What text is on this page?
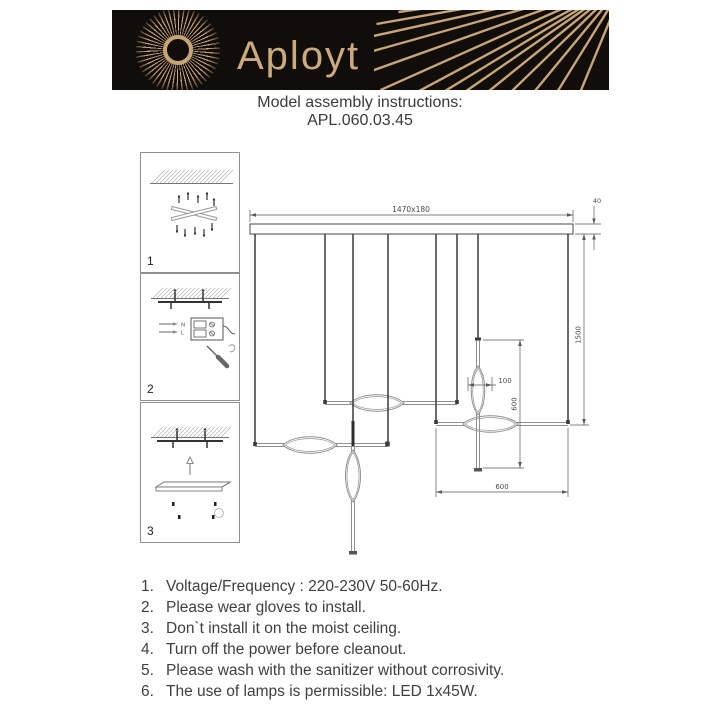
Aployt
Model assembly instructions:
APL.060.03.45
1
N
L
2
3
1470x180
40
1500
100
600
600
1. Voltage/Frequency : 220-230V 50-60Hz.
2. Please wear gloves to install.
3. Don`t install it on the moist ceiling.
4. Turn off the power before cleanout.
5. Please wash with the sanitizer without corrosivity.
6. The use of lamps is permissible: LED 1x45W.
